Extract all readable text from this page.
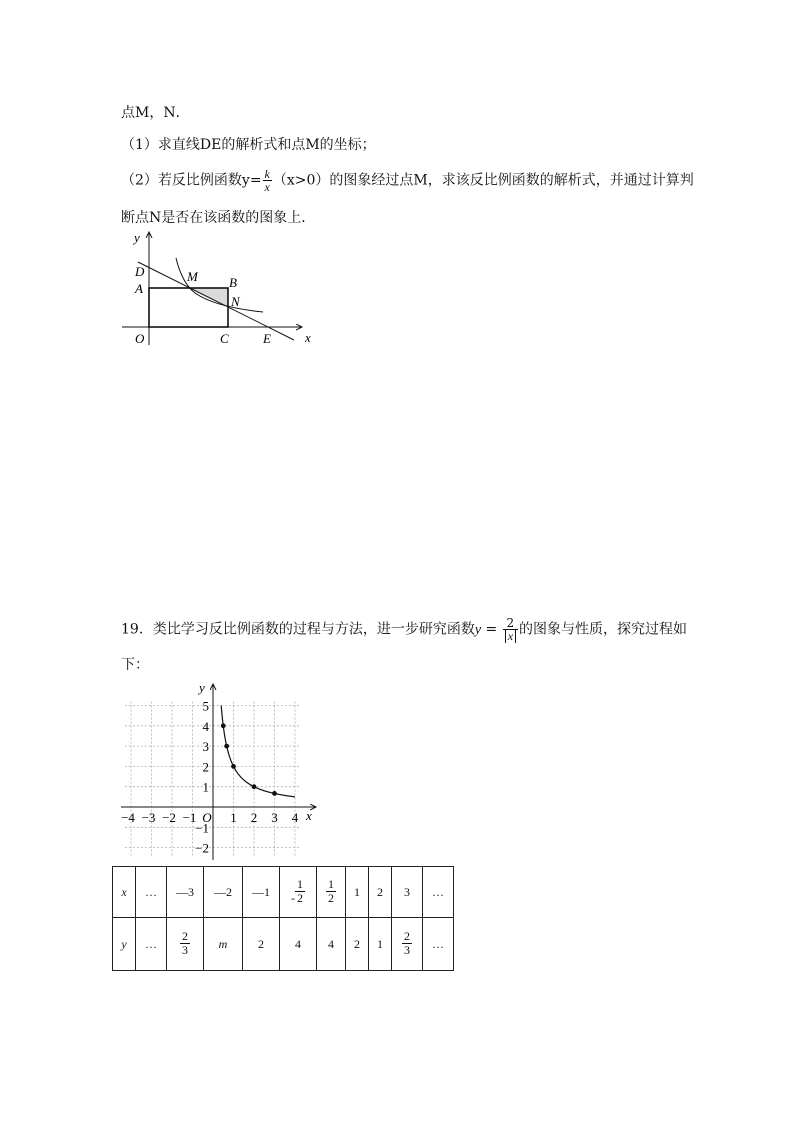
点M，N．
（1）求直线DE的解析式和点M的坐标；
（2）若反比例函数$y= \frac{k}{x} (x>0)$的图象经过点M，求该反比例函数的解析式，并通过计算判
断点N是否在该函数的图象上．
y
x
D
A
M B
N
O	C	E
19．类比学习反比例函数的过程与方法，进一步研究函数$y = \frac{2}{x}$ 的图象与性质，探究过程如
下：
−4 −3 −2 −1 O 1 2 3 4
5
4
3
2
1
−1
−2
y
x
x	…	—3	—2	—1	- $\frac{1}{2}$	$\frac{1}{2}$	1	2	3	…
y	…	$\frac{2}{3}$	m	2	4	4	2	1	$\frac{2}{3}$	…
